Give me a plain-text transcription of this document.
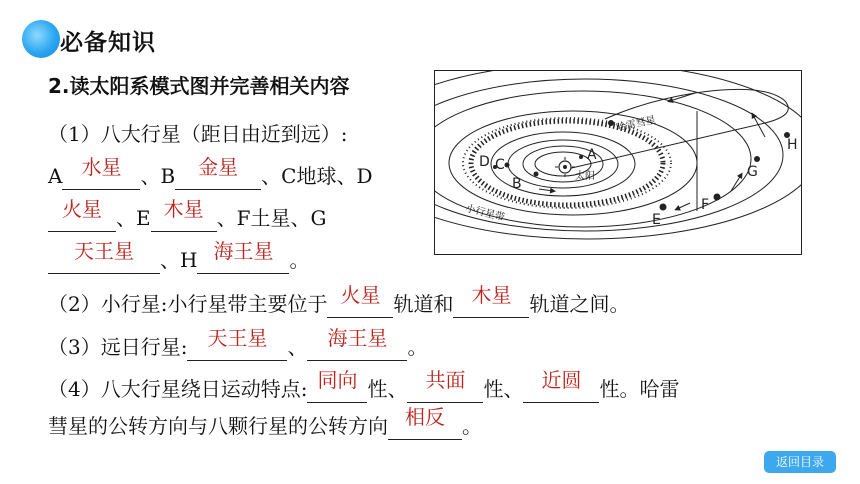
必备知识
2.读太阳系模式图并完善相关内容
（1）八大行星（距日由近到远）:
A 水星 、B	金星	、C地球、D
火星 、E 木星 、F土星、G
天王星	、H 海王星 。
（2）小行星:小行星带主要位于 火星 轨道和 木星 轨道之间。
（3）远日行星:	天王星	、	海王星	。
（4）八大行星绕日运动特点: 同向 性、 共面 性、 近圆 性。哈雷
彗星的公转方向与八颗行星的公转方向 相反 。
A
B
C
D
E
F
G
H
太阳
哈雷彗星
小行星带
返回目录
